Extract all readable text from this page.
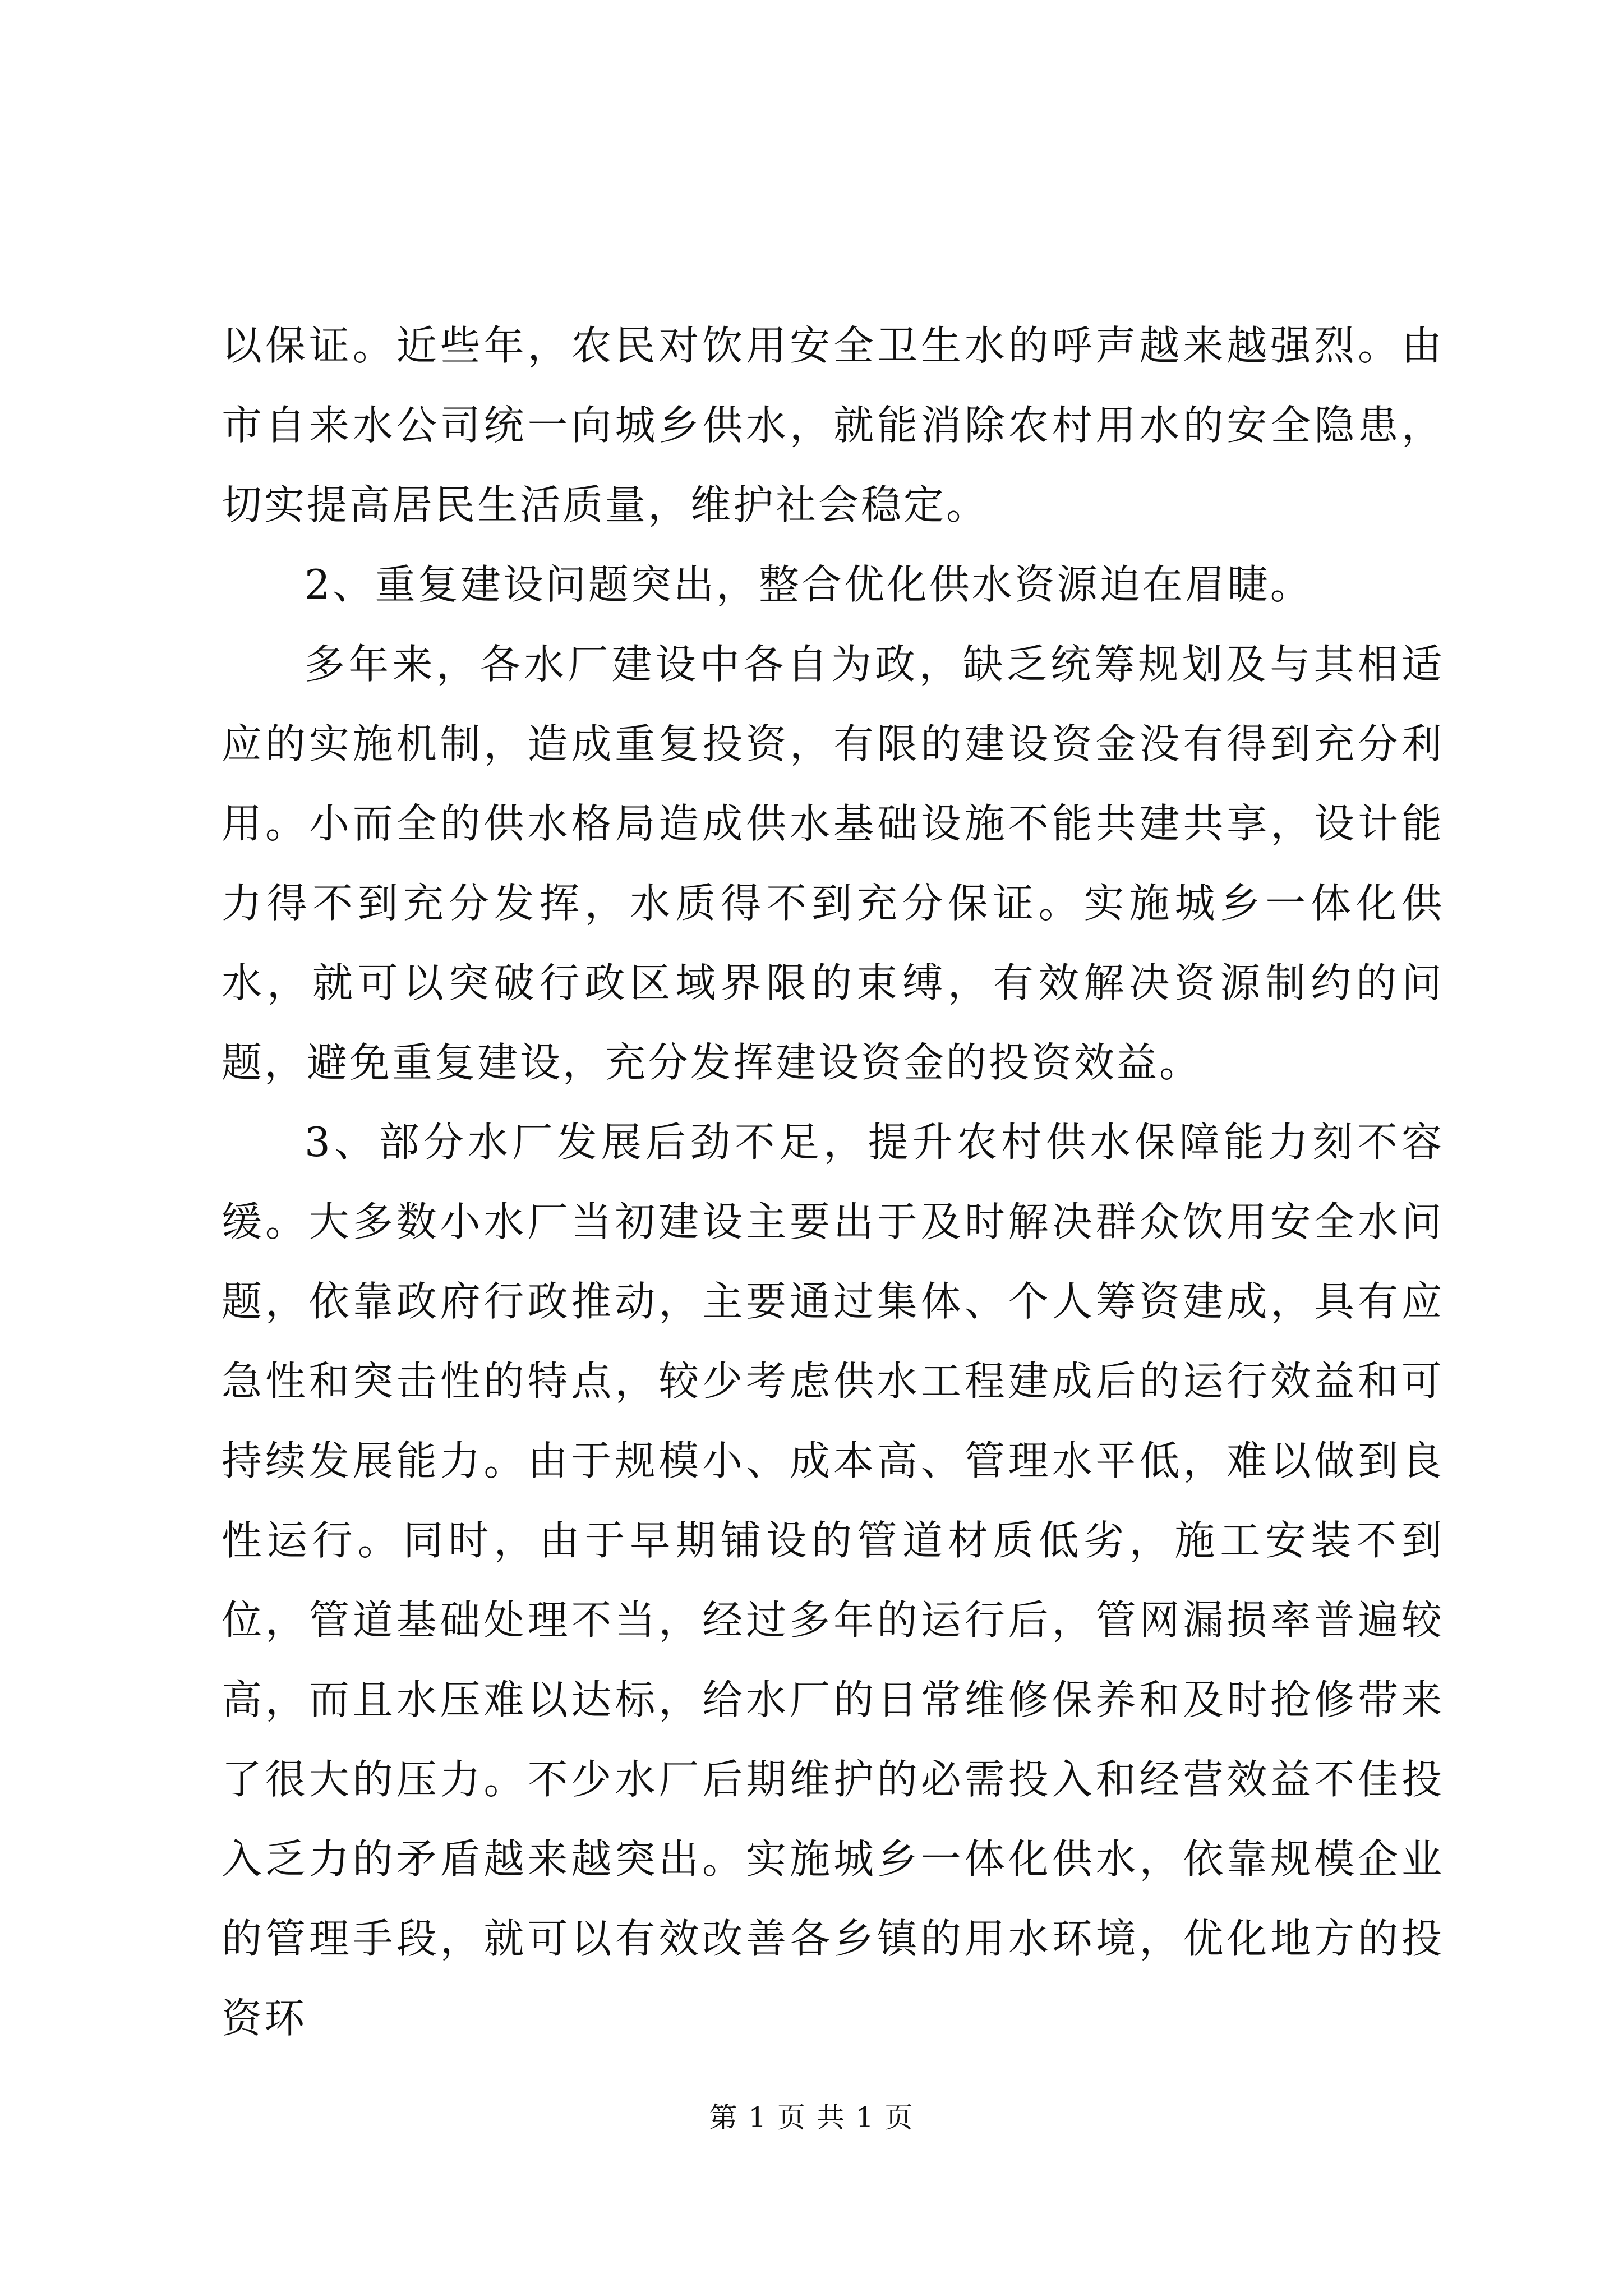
以保证。近些年，农民对饮用安全卫生水的呼声越来越强烈。由市自来水公司统一向城乡供水，就能消除农村用水的安全隐患，切实提高居民生活质量，维护社会稳定。

2、重复建设问题突出，整合优化供水资源迫在眉睫。

多年来，各水厂建设中各自为政，缺乏统筹规划及与其相适应的实施机制，造成重复投资，有限的建设资金没有得到充分利用。小而全的供水格局造成供水基础设施不能共建共享，设计能力得不到充分发挥，水质得不到充分保证。实施城乡一体化供水，就可以突破行政区域界限的束缚，有效解决资源制约的问题，避免重复建设，充分发挥建设资金的投资效益。

3、部分水厂发展后劲不足，提升农村供水保障能力刻不容缓。大多数小水厂当初建设主要出于及时解决群众饮用安全水问题，依靠政府行政推动，主要通过集体、个人筹资建成，具有应急性和突击性的特点，较少考虑供水工程建成后的运行效益和可持续发展能力。由于规模小、成本高、管理水平低，难以做到良性运行。同时，由于早期铺设的管道材质低劣，施工安装不到位，管道基础处理不当，经过多年的运行后，管网漏损率普遍较高，而且水压难以达标，给水厂的日常维修保养和及时抢修带来了很大的压力。不少水厂后期维护的必需投入和经营效益不佳投入乏力的矛盾越来越突出。实施城乡一体化供水，依靠规模企业的管理手段，就可以有效改善各乡镇的用水环境，优化地方的投资环

第 1 页 共 1 页
